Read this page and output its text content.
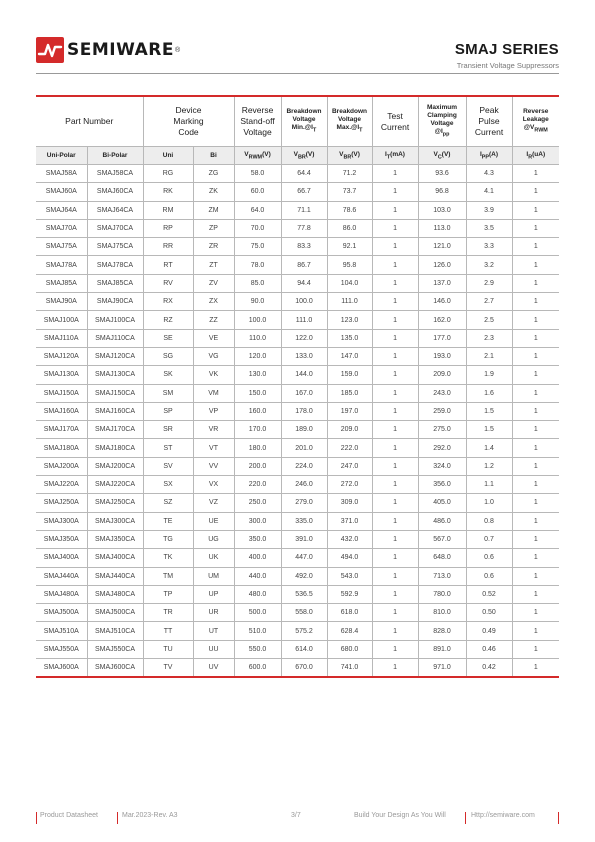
SEMIWARE ®	SMAJ SERIES
Transient Voltage Suppressors
Part Number		Device
Marking
Code		Reverse
Stand-off
Voltage	Breakdown
Voltage
$Min.@I_T$	Breakdown
Voltage
$Max.@I_T$	Test
Current	Maximum
Clamping
Voltage
$@I_{pp}$	Peak
Pulse
Current	Reverse
Leakage
$@V_{RWM}$
Uni-Polar	Bi-Polar	Uni	Bi	$V_{RWM}(V)$	$V_{BR}(V)$	$V_{BR}(V)$	$I_T(mA)$	$V_C(V)$	$I_{PP}(A)$	$I_R(uA)$
SMAJ58A	SMAJ58CA	RG	ZG	58.0	64.4	71.2	1	93.6	4.3	1
SMAJ60A	SMAJ60CA	RK	ZK	60.0	66.7	73.7	1	96.8	4.1	1
SMAJ64A	SMAJ64CA	RM	ZM	64.0	71.1	78.6	1	103.0	3.9	1
SMAJ70A	SMAJ70CA	RP	ZP	70.0	77.8	86.0	1	113.0	3.5	1
SMAJ75A	SMAJ75CA	RR	ZR	75.0	83.3	92.1	1	121.0	3.3	1
SMAJ78A	SMAJ78CA	RT	ZT	78.0	86.7	95.8	1	126.0	3.2	1
SMAJ85A	SMAJ85CA	RV	ZV	85.0	94.4	104.0	1	137.0	2.9	1
SMAJ90A	SMAJ90CA	RX	ZX	90.0	100.0	111.0	1	146.0	2.7	1
SMAJ100A	SMAJ100CA	RZ	ZZ	100.0	111.0	123.0	1	162.0	2.5	1
SMAJ110A	SMAJ110CA	SE	VE	110.0	122.0	135.0	1	177.0	2.3	1
SMAJ120A	SMAJ120CA	SG	VG	120.0	133.0	147.0	1	193.0	2.1	1
SMAJ130A	SMAJ130CA	SK	VK	130.0	144.0	159.0	1	209.0	1.9	1
SMAJ150A	SMAJ150CA	SM	VM	150.0	167.0	185.0	1	243.0	1.6	1
SMAJ160A	SMAJ160CA	SP	VP	160.0	178.0	197.0	1	259.0	1.5	1
SMAJ170A	SMAJ170CA	SR	VR	170.0	189.0	209.0	1	275.0	1.5	1
SMAJ180A	SMAJ180CA	ST	VT	180.0	201.0	222.0	1	292.0	1.4	1
SMAJ200A	SMAJ200CA	SV	VV	200.0	224.0	247.0	1	324.0	1.2	1
SMAJ220A	SMAJ220CA	SX	VX	220.0	246.0	272.0	1	356.0	1.1	1
SMAJ250A	SMAJ250CA	SZ	VZ	250.0	279.0	309.0	1	405.0	1.0	1
SMAJ300A	SMAJ300CA	TE	UE	300.0	335.0	371.0	1	486.0	0.8	1
SMAJ350A	SMAJ350CA	TG	UG	350.0	391.0	432.0	1	567.0	0.7	1
SMAJ400A	SMAJ400CA	TK	UK	400.0	447.0	494.0	1	648.0	0.6	1
SMAJ440A	SMAJ440CA	TM	UM	440.0	492.0	543.0	1	713.0	0.6	1
SMAJ480A	SMAJ480CA	TP	UP	480.0	536.5	592.9	1	780.0	0.52	1
SMAJ500A	SMAJ500CA	TR	UR	500.0	558.0	618.0	1	810.0	0.50	1
SMAJ510A	SMAJ510CA	TT	UT	510.0	575.2	628.4	1	828.0	0.49	1
SMAJ550A	SMAJ550CA	TU	UU	550.0	614.0	680.0	1	891.0	0.46	1
SMAJ600A	SMAJ600CA	TV	UV	600.0	670.0	741.0	1	971.0	0.42	1
Product Datasheet	Mar.2023-Rev. A3	3/7	Build Your Design As You Will	Http://semiware.com
